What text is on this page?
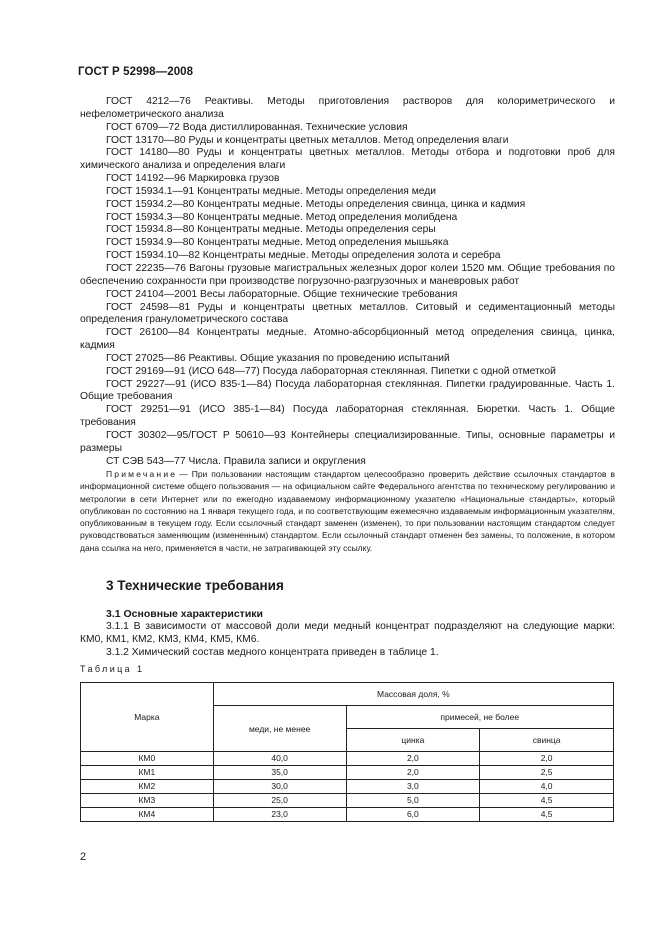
ГОСТ Р 52998—2008
ГОСТ 4212—76 Реактивы. Методы приготовления растворов для колориметрического и нефелометрического анализа
ГОСТ 6709—72 Вода дистиллированная. Технические условия
ГОСТ 13170—80 Руды и концентраты цветных металлов. Метод определения влаги
ГОСТ 14180—80 Руды и концентраты цветных металлов. Методы отбора и подготовки проб для химического анализа и определения влаги
ГОСТ 14192—96 Маркировка грузов
ГОСТ 15934.1—91 Концентраты медные. Методы определения меди
ГОСТ 15934.2—80 Концентраты медные. Методы определения свинца, цинка и кадмия
ГОСТ 15934.3—80 Концентраты медные. Метод определения молибдена
ГОСТ 15934.8—80 Концентраты медные. Методы определения серы
ГОСТ 15934.9—80 Концентраты медные. Метод определения мышьяка
ГОСТ 15934.10—82 Концентраты медные. Методы определения золота и серебра
ГОСТ 22235—76 Вагоны грузовые магистральных железных дорог колеи 1520 мм. Общие требования по обеспечению сохранности при производстве погрузочно-разгрузочных и маневровых работ
ГОСТ 24104—2001 Весы лабораторные. Общие технические требования
ГОСТ 24598—81 Руды и концентраты цветных металлов. Ситовый и седиментационный методы определения гранулометрического состава
ГОСТ 26100—84 Концентраты медные. Атомно-абсорбционный метод определения свинца, цинка, кадмия
ГОСТ 27025—86 Реактивы. Общие указания по проведению испытаний
ГОСТ 29169—91 (ИСО 648—77) Посуда лабораторная стеклянная. Пипетки с одной отметкой
ГОСТ 29227—91 (ИСО 835-1—84) Посуда лабораторная стеклянная. Пипетки градуированные. Часть 1. Общие требования
ГОСТ 29251—91 (ИСО 385-1—84) Посуда лабораторная стеклянная. Бюретки. Часть 1. Общие требования
ГОСТ 30302—95/ГОСТ Р 50610—93 Контейнеры специализированные. Типы, основные параметры и размеры
СТ СЭВ 543—77 Числа. Правила записи и округления

Примечание — При пользовании настоящим стандартом целесообразно проверить действие ссылочных стандартов в информационной системе общего пользования — на официальном сайте Федерального агентства по техническому регулированию и метрологии в сети Интернет или по ежегодно издаваемому информационному указателю «Национальные стандарты», который опубликован по состоянию на 1 января текущего года, и по соответствующим ежемесячно издаваемым информационным указателям, опубликованным в текущем году. Если ссылочный стандарт заменен (изменен), то при пользовании настоящим стандартом следует руководствоваться заменяющим (измененным) стандартом. Если ссылочный стандарт отменен без замены, то положение, в котором дана ссылка на него, применяется в части, не затрагивающей эту ссылку.

3 Технические требования
3.1 Основные характеристики
3.1.1 В зависимости от массовой доли меди медный концентрат подразделяют на следующие марки: КМ0, КМ1, КМ2, КМ3, КМ4, КМ5, КМ6.
3.1.2 Химический состав медного концентрата приведен в таблице 1.
Таблица 1
Марка	Массовая доля, %		
	меди, не менее	примесей, не более	
		цинка	свинца
КМ0	40,0	2,0	2,0
КМ1	35,0	2,0	2,5
КМ2	30,0	3,0	4,0
КМ3	25,0	5,0	4,5
КМ4	23,0	6,0	4,5
2
